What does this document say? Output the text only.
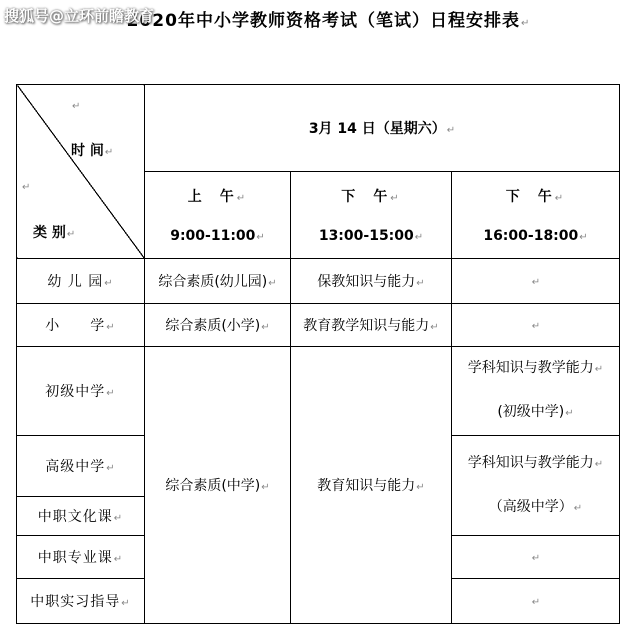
2020年中小学教师资格考试（笔试）日程安排表↵
搜狐号@立环前瞻教育
↵
时 间↵
↵
类 别↵	3月 14 日（星期六）↵		

	上　午↵
9:00-11:00↵	下　午↵
13:00-15:00↵	下　午↵
16:00-18:00↵

幼 儿 园↵	综合素质(幼儿园)↵	保教知识与能力↵	↵
小　　学↵	综合素质(小学)↵	教育教学知识与能力↵	↵
初级中学↵	综合素质(中学)↵	教育知识与能力↵	学科知识与教学能力↵
(初级中学)↵

高级中学↵			学科知识与教学能力↵
（高级中学）↵

中职文化课↵			
中职专业课↵			↵
中职实习指导↵			↵
